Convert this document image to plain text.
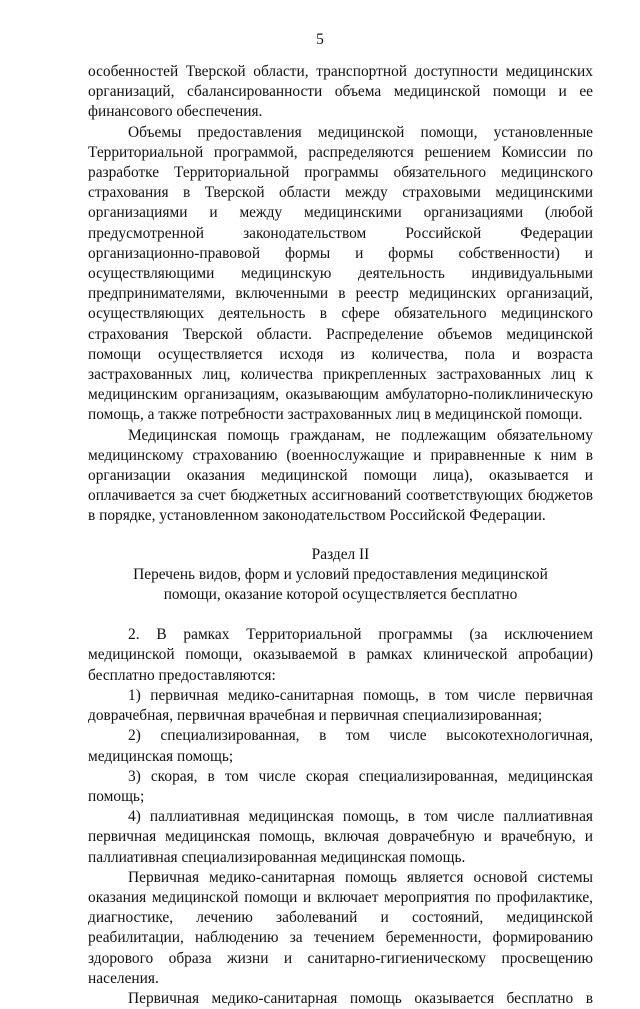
5

особенностей Тверской области, транспортной доступности медицинских организаций, сбалансированности объема медицинской помощи и ее финансового обеспечения.

Объемы предоставления медицинской помощи, установленные Территориальной программой, распределяются решением Комиссии по разработке Территориальной программы обязательного медицинского страхования в Тверской области между страховыми медицинскими организациями и между медицинскими организациями (любой предусмотренной законодательством Российской Федерации организационно-правовой формы и формы собственности) и осуществляющими медицинскую деятельность индивидуальными предпринимателями, включенными в реестр медицинских организаций, осуществляющих деятельность в сфере обязательного медицинского страхования Тверской области. Распределение объемов медицинской помощи осуществляется исходя из количества, пола и возраста застрахованных лиц, количества прикрепленных застрахованных лиц к медицинским организациям, оказывающим амбулаторно-поликлиническую помощь, а также потребности застрахованных лиц в медицинской помощи.

Медицинская помощь гражданам, не подлежащим обязательному медицинскому страхованию (военнослужащие и приравненные к ним в организации оказания медицинской помощи лица), оказывается и оплачивается за счет бюджетных ассигнований соответствующих бюджетов в порядке, установленном законодательством Российской Федерации.

Раздел II

Перечень видов, форм и условий предоставления медицинской помощи, оказание которой осуществляется бесплатно

2. В рамках Территориальной программы (за исключением медицинской помощи, оказываемой в рамках клинической апробации) бесплатно предоставляются:

1) первичная медико-санитарная помощь, в том числе первичная доврачебная, первичная врачебная и первичная специализированная;

2) специализированная, в том числе высокотехнологичная, медицинская помощь;

3) скорая, в том числе скорая специализированная, медицинская помощь;

4) паллиативная медицинская помощь, в том числе паллиативная первичная медицинская помощь, включая доврачебную и врачебную, и паллиативная специализированная медицинская помощь.

Первичная медико-санитарная помощь является основой системы оказания медицинской помощи и включает мероприятия по профилактике, диагностике, лечению заболеваний и состояний, медицинской реабилитации, наблюдению за течением беременности, формированию здорового образа жизни и санитарно-гигиеническому просвещению населения.

Первичная медико-санитарная помощь оказывается бесплатно в
